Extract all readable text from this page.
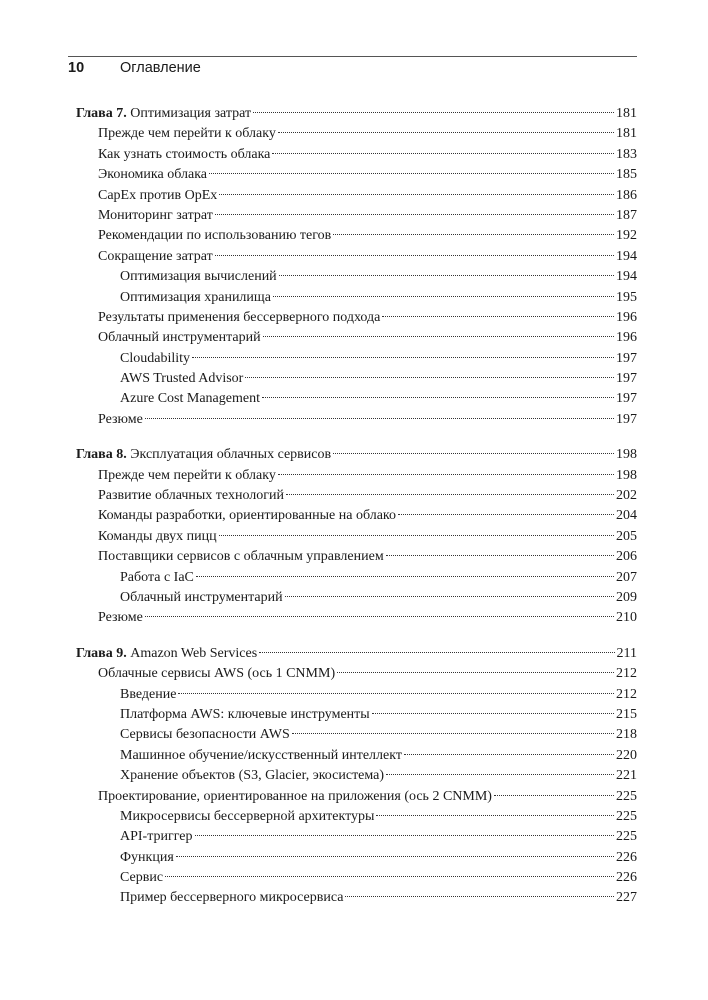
10	Оглавление
Глава 7. Оптимизация затрат	181
Прежде чем перейти к облаку	181
Как узнать стоимость облака	183
Экономика облака	185
CapEx против OpEx	186
Мониторинг затрат	187
Рекомендации по использованию тегов	192
Сокращение затрат	194
Оптимизация вычислений	194
Оптимизация хранилища	195
Результаты применения бессерверного подхода	196
Облачный инструментарий	196
Cloudability	197
AWS Trusted Advisor	197
Azure Cost Management	197
Резюме	197
Глава 8. Эксплуатация облачных сервисов	198
Прежде чем перейти к облаку	198
Развитие облачных технологий	202
Команды разработки, ориентированные на облако	204
Команды двух пицц	205
Поставщики сервисов с облачным управлением	206
Работа с IaC	207
Облачный инструментарий	209
Резюме	210
Глава 9. Amazon Web Services	211
Облачные сервисы AWS (ось 1 CNMM)	212
Введение	212
Платформа AWS: ключевые инструменты	215
Сервисы безопасности AWS	218
Машинное обучение/искусственный интеллект	220
Хранение объектов (S3, Glacier, экосистема)	221
Проектирование, ориентированное на приложения (ось 2 CNMM)	225
Микросервисы бессерверной архитектуры	225
API-триггер	225
Функция	226
Сервис	226
Пример бессерверного микросервиса	227
